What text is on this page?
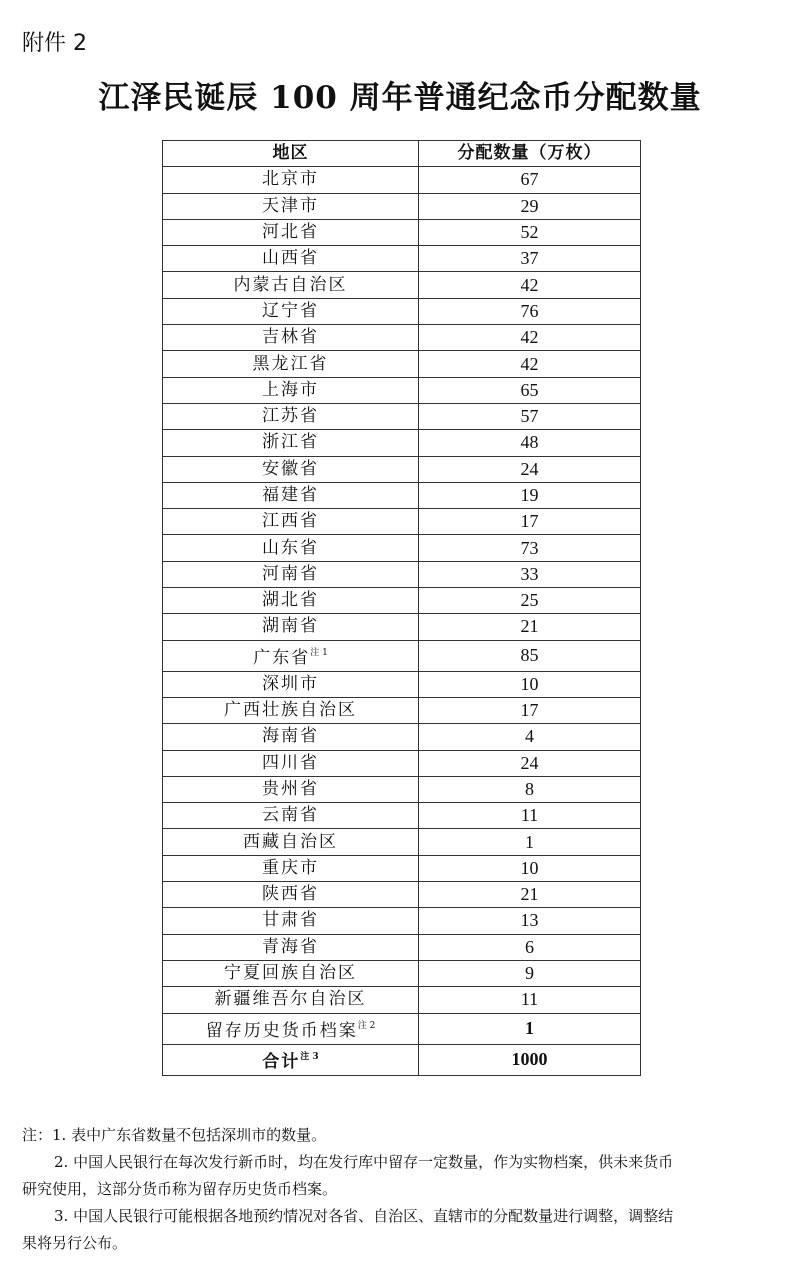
附件 2
江泽民诞辰 100 周年普通纪念币分配数量
地区	分配数量（万枚）
北京市	67
天津市	29
河北省	52
山西省	37
内蒙古自治区	42
辽宁省	76
吉林省	42
黑龙江省	42
上海市	65
江苏省	57
浙江省	48
安徽省	24
福建省	19
江西省	17
山东省	73
河南省	33
湖北省	25
湖南省	21
广东省$^{注 1}$	85
深圳市	10
广西壮族自治区	17
海南省	4
四川省	24
贵州省	8
云南省	11
西藏自治区	1
重庆市	10
陕西省	21
甘肃省	13
青海省	6
宁夏回族自治区	9
新疆维吾尔自治区	11
留存历史货币档案$^{注 2}$	1
合计$^{注 3}$	1000

注：1. 表中广东省数量不包括深圳市的数量。

2. 中国人民银行在每次发行新币时，均在发行库中留存一定数量，作为实物档案，供未来货币

研究使用，这部分货币称为留存历史货币档案。

3. 中国人民银行可能根据各地预约情况对各省、自治区、直辖市的分配数量进行调整，调整结

果将另行公布。
